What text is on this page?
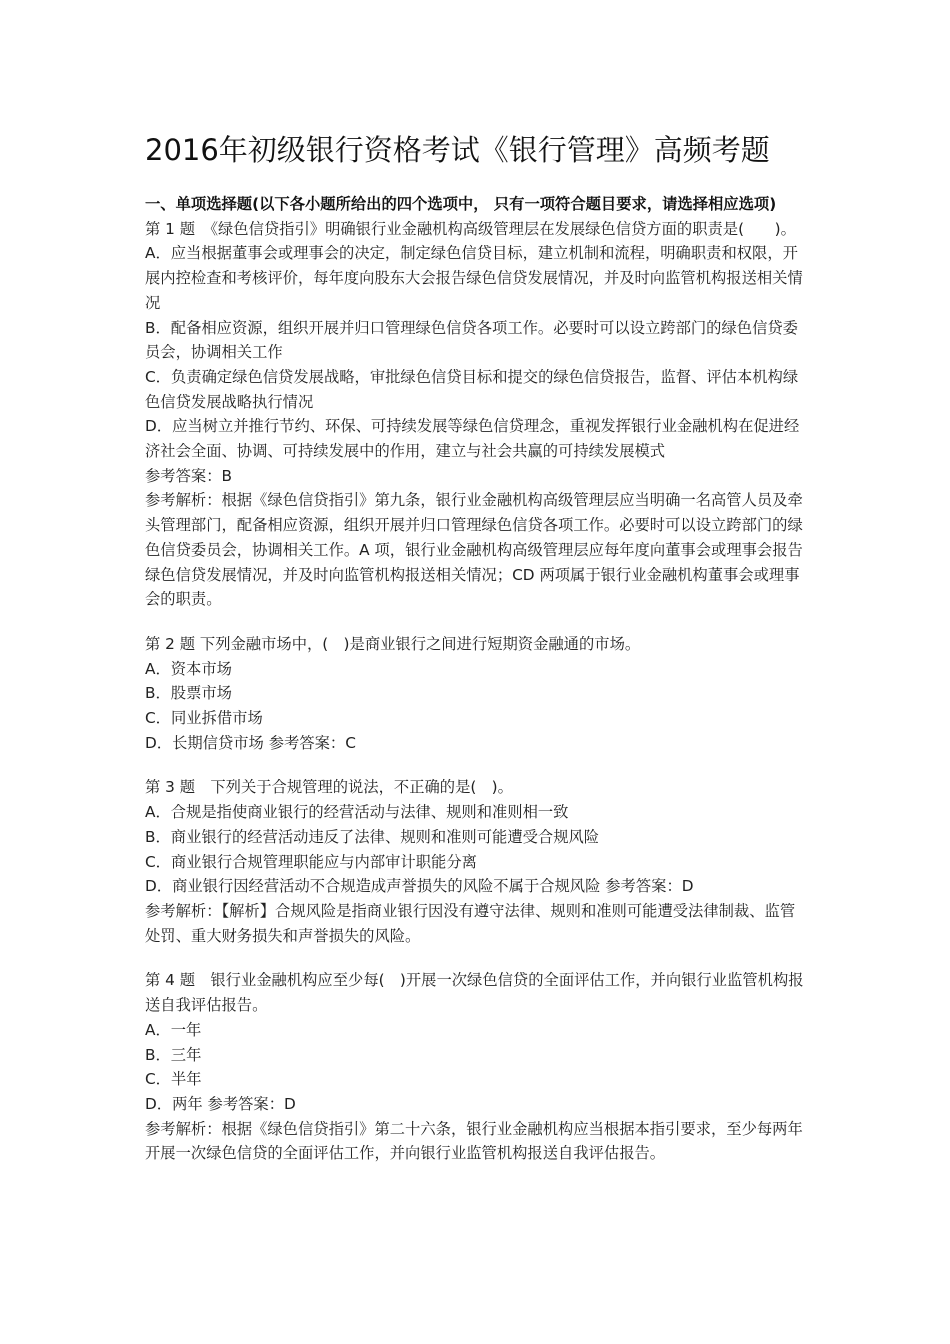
2016年初级银行资格考试《银行管理》高频考题
一、单项选择题(以下各小题所给出的四个选项中， 只有一项符合题目要求，请选择相应选项)
第 1 题　《绿色信贷指引》明确银行业金融机构高级管理层在发展绿色信贷方面的职责是(　　)。
A．应当根据董事会或理事会的决定，制定绿色信贷目标，建立机制和流程，明确职责和权限，开展内控检查和考核评价，每年度向股东大会报告绿色信贷发展情况，并及时向监管机构报送相关情况
B．配备相应资源，组织开展并归口管理绿色信贷各项工作。必要时可以设立跨部门的绿色信贷委员会，协调相关工作
C．负责确定绿色信贷发展战略，审批绿色信贷目标和提交的绿色信贷报告，监督、评估本机构绿色信贷发展战略执行情况
D．应当树立并推行节约、环保、可持续发展等绿色信贷理念，重视发挥银行业金融机构在促进经济社会全面、协调、可持续发展中的作用，建立与社会共赢的可持续发展模式
参考答案：B
参考解析：根据《绿色信贷指引》第九条，银行业金融机构高级管理层应当明确一名高管人员及牵头管理部门，配备相应资源，组织开展并归口管理绿色信贷各项工作。必要时可以设立跨部门的绿色信贷委员会，协调相关工作。A 项，银行业金融机构高级管理层应每年度向董事会或理事会报告绿色信贷发展情况，并及时向监管机构报送相关情况；CD 两项属于银行业金融机构董事会或理事会的职责。
第 2 题 下列金融市场中，(　)是商业银行之间进行短期资金融通的市场。
A．资本市场
B．股票市场
C．同业拆借市场
D．长期信贷市场 参考答案：C
第 3 题　下列关于合规管理的说法，不正确的是(　)。
A．合规是指使商业银行的经营活动与法律、规则和准则相一致
B．商业银行的经营活动违反了法律、规则和准则可能遭受合规风险
C．商业银行合规管理职能应与内部审计职能分离
D．商业银行因经营活动不合规造成声誉损失的风险不属于合规风险 参考答案：D
参考解析：【解析】合规风险是指商业银行因没有遵守法律、规则和准则可能遭受法律制裁、监管处罚、重大财务损失和声誉损失的风险。
第 4 题　银行业金融机构应至少每(　)开展一次绿色信贷的全面评估工作，并向银行业监管机构报送自我评估报告。
A．一年
B．三年
C．半年
D．两年 参考答案：D
参考解析：根据《绿色信贷指引》第二十六条，银行业金融机构应当根据本指引要求，至少每两年开展一次绿色信贷的全面评估工作，并向银行业监管机构报送自我评估报告。
